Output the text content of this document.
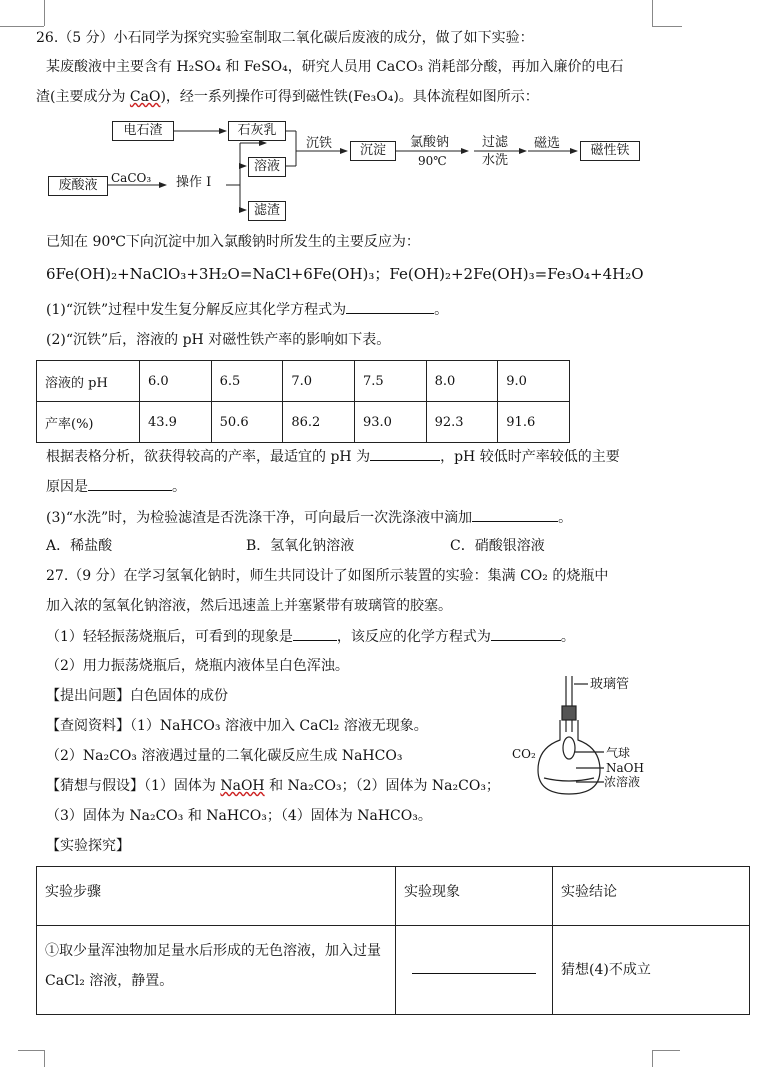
26.（5 分）小石同学为探究实验室制取二氧化碳后废液的成分，做了如下实验：
某废酸液中主要含有 H₂SO₄ 和 FeSO₄，研究人员用 CaCO₃ 消耗部分酸，再加入廉价的电石
渣(主要成分为 CaO)，经一系列操作可得到磁性铁(Fe₃O₄)。具体流程如图所示：
电石渣	石灰乳
废酸液	CaCO₃ 操作 I
溶液
滤渣
沉铁	沉淀
氯酸钠
90℃
过滤
水洗
磁选	磁性铁
已知在 90℃下向沉淀中加入氯酸钠时所发生的主要反应为：
6Fe(OH)₂+NaClO₃+3H₂O=NaCl+6Fe(OH)₃；Fe(OH)₂+2Fe(OH)₃=Fe₃O₄+4H₂O
(1)“沉铁”过程中发生复分解反应其化学方程式为	。
(2)“沉铁”后，溶液的 pH 对磁性铁产率的影响如下表。
溶液的 pH	6.0	6.5	7.0	7.5	8.0	9.0
产率(%)	43.9	50.6	86.2	93.0	92.3	91.6
根据表格分析，欲获得较高的产率，最适宜的 pH 为	，pH 较低时产率较低的主要
原因是	。
(3)“水洗”时，为检验滤渣是否洗涤干净，可向最后一次洗涤液中滴加	。
A．稀盐酸	B．氢氧化钠溶液	C．硝酸银溶液
27.（9 分）在学习氢氧化钠时，师生共同设计了如图所示装置的实验：集满 CO₂ 的烧瓶中
加入浓的氢氧化钠溶液，然后迅速盖上并塞紧带有玻璃管的胶塞。
（1）轻轻振荡烧瓶后，可看到的现象是	，该反应的化学方程式为	。
（2）用力振荡烧瓶后，烧瓶内液体呈白色浑浊。
【提出问题】白色固体的成份
【查阅资料】（1）NaHCO₃ 溶液中加入 CaCl₂ 溶液无现象。
（2）Na₂CO₃ 溶液遇过量的二氧化碳反应生成 NaHCO₃
【猜想与假设】（1）固体为 NaOH 和 Na₂CO₃；（2）固体为 Na₂CO₃；
（3）固体为 Na₂CO₃ 和 NaHCO₃；（4）固体为 NaHCO₃。
【实验探究】
玻璃管
CO₂	气球
NaOH
浓溶液
实验步骤	实验现象	实验结论
①取少量浑浊物加足量水后形成的无色溶液，加入过量 CaCl₂ 溶液，静置。		猜想(4)不成立
